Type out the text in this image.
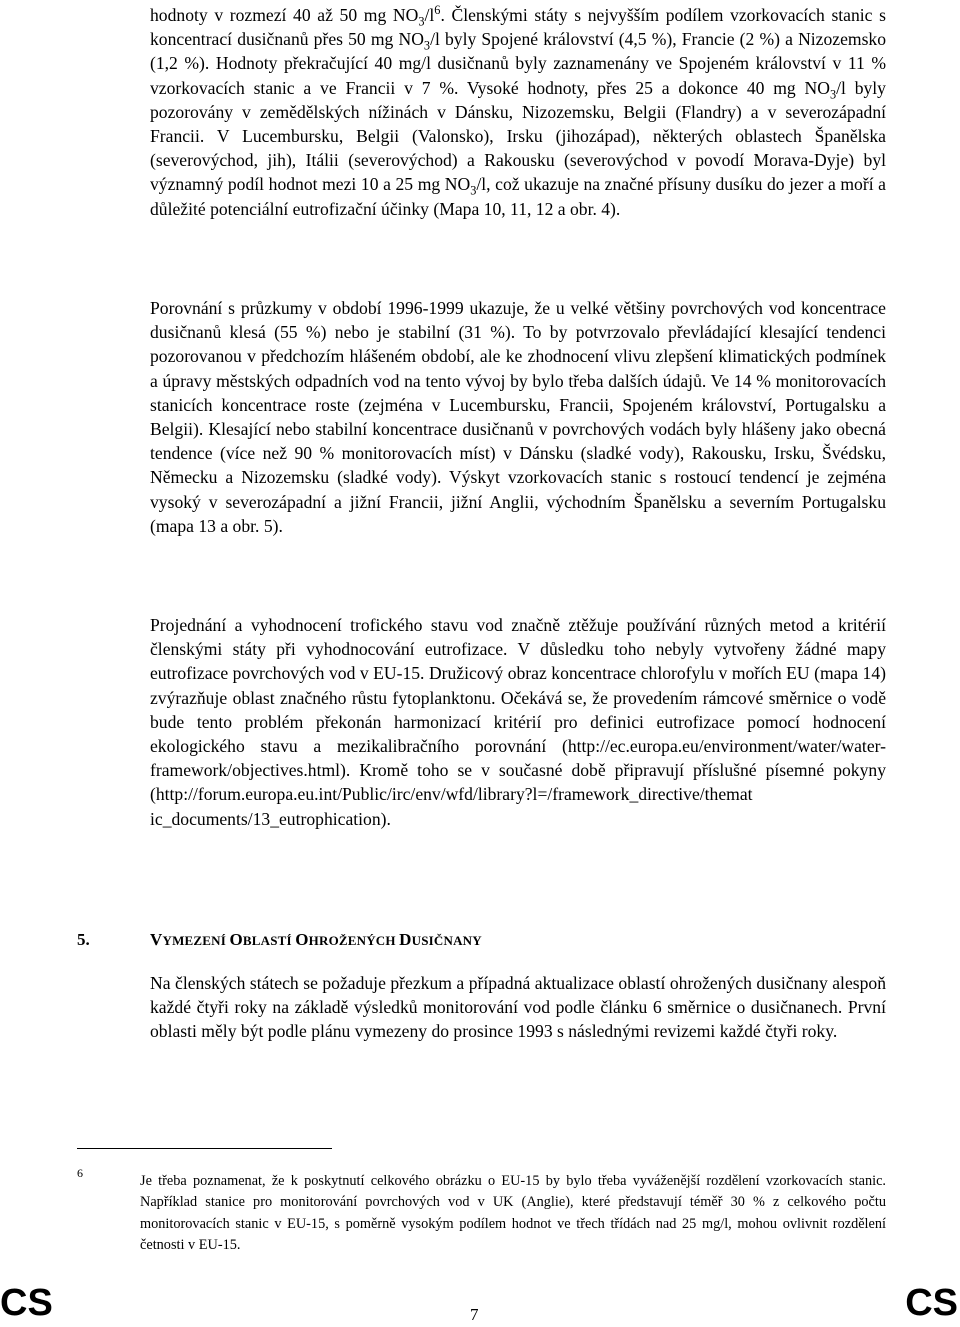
hodnoty v rozmezí 40 až 50 mg $NO_3/l^6$. Členskými státy s nejvyšším podílem vzorkovacích stanic s koncentrací dusičnanů přes 50 mg $NO_3/l$ byly Spojené království (4,5 %), Francie (2 %) a Nizozemsko (1,2 %). Hodnoty překračující 40 mg/l dusičnanů byly zaznamenány ve Spojeném království v 11 % vzorkovacích stanic a ve Francii v 7 %. Vysoké hodnoty, přes 25 a dokonce 40 mg $NO_3/l$ byly pozorovány v zemědělských nížinách v Dánsku, Nizozemsku, Belgii (Flandry) a v severozápadní Francii. V Lucembursku, Belgii (Valonsko), Irsku (jihozápad), některých oblastech Španělska (severovýchod, jih), Itálii (severovýchod) a Rakousku (severovýchod v povodí Morava-Dyje) byl významný podíl hodnot mezi 10 a 25 mg $NO_3/l$, což ukazuje na značné přísuny dusíku do jezer a moří a důležité potenciální eutrofizační účinky (Mapa 10, 11, 12 a obr. 4).

Porovnání s průzkumy v období 1996-1999 ukazuje, že u velké většiny povrchových vod koncentrace dusičnanů klesá (55 %) nebo je stabilní (31 %). To by potvrzovalo převládající klesající tendenci pozorovanou v předchozím hlášeném období, ale ke zhodnocení vlivu zlepšení klimatických podmínek a úpravy městských odpadních vod na tento vývoj by bylo třeba dalších údajů. Ve 14 % monitorovacích stanicích koncentrace roste (zejména v Lucembursku, Francii, Spojeném království, Portugalsku a Belgii). Klesající nebo stabilní koncentrace dusičnanů v povrchových vodách byly hlášeny jako obecná tendence (více než 90 % monitorovacích míst) v Dánsku (sladké vody), Rakousku, Irsku, Švédsku, Německu a Nizozemsku (sladké vody). Výskyt vzorkovacích stanic s rostoucí tendencí je zejména vysoký v severozápadní a jižní Francii, jižní Anglii, východním Španělsku a severním Portugalsku (mapa 13 a obr. 5).

Projednání a vyhodnocení trofického stavu vod značně ztěžuje používání různých metod a kritérií členskými státy při vyhodnocování eutrofizace. V důsledku toho nebyly vytvořeny žádné mapy eutrofizace povrchových vod v EU-15. Družicový obraz koncentrace chlorofylu v mořích EU (mapa 14) zvýrazňuje oblast značného růstu fytoplanktonu. Očekává se, že provedením rámcové směrnice o vodě bude tento problém překonán harmonizací kritérií pro definici eutrofizace pomocí hodnocení ekologického stavu a mezikalibračního porovnání (http://ec.europa.eu/environment/water/water-framework/objectives.html). Kromě toho se v současné době připravují příslušné písemné pokyny (http://forum.europa.eu.int/Public/irc/env/wfd/library?l=/framework_directive/themat ic_documents/13_eutrophication).

5.	VYMEZENÍ OBLASTÍ OHROŽENÝCH DUSIČNANY

Na členských státech se požaduje přezkum a případná aktualizace oblastí ohrožených dusičnany alespoň každé čtyři roky na základě výsledků monitorování vod podle článku 6 směrnice o dusičnanech. První oblasti měly být podle plánu vymezeny do prosince 1993 s následnými revizemi každé čtyři roky.

6	Je třeba poznamenat, že k poskytnutí celkového obrázku o EU-15 by bylo třeba vyváženější rozdělení vzorkovacích stanic. Například stanice pro monitorování povrchových vod v UK (Anglie), které představují téměř 30 % z celkového počtu monitorovacích stanic v EU-15, s poměrně vysokým podílem hodnot ve třech třídách nad 25 mg/l, mohou ovlivnit rozdělení četnosti v EU-15.

CS	7	CS
